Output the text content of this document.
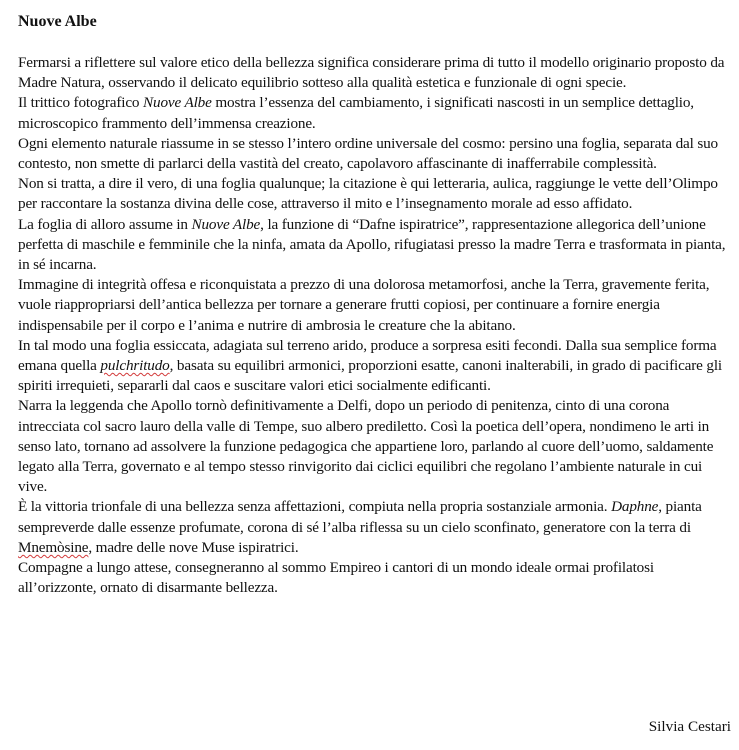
Nuove Albe

Fermarsi a riflettere sul valore etico della bellezza significa considerare prima di tutto il modello originario proposto da Madre Natura, osservando il delicato equilibrio sotteso alla qualità estetica e funzionale di ogni specie.

Il trittico fotografico Nuove Albe mostra l’essenza del cambiamento, i significati nascosti in un semplice dettaglio, microscopico frammento dell’immensa creazione.

Ogni elemento naturale riassume in se stesso l’intero ordine universale del cosmo: persino una foglia, separata dal suo contesto, non smette di parlarci della vastità del creato, capolavoro affascinante di inafferrabile complessità.

Non si tratta, a dire il vero, di una foglia qualunque; la citazione è qui letteraria, aulica, raggiunge le vette dell’Olimpo per raccontare la sostanza divina delle cose, attraverso il mito e l’insegnamento morale ad esso affidato.

La foglia di alloro assume in Nuove Albe, la funzione di “Dafne ispiratrice”, rappresentazione allegorica dell’unione perfetta di maschile e femminile che la ninfa, amata da Apollo, rifugiatasi presso la madre Terra e trasformata in pianta, in sé incarna.

Immagine di integrità offesa e riconquistata a prezzo di una dolorosa metamorfosi, anche la Terra, gravemente ferita, vuole riappropriarsi dell’antica bellezza per tornare a generare frutti copiosi, per continuare a fornire energia indispensabile per il corpo e l’anima e nutrire di ambrosia le creature che la abitano.

In tal modo una foglia essiccata, adagiata sul terreno arido, produce a sorpresa esiti fecondi. Dalla sua semplice forma emana quella pulchritudo, basata su equilibri armonici, proporzioni esatte, canoni inalterabili, in grado di pacificare gli spiriti irrequieti, separarli dal caos e suscitare valori etici socialmente edificanti.

Narra la leggenda che Apollo tornò definitivamente a Delfi, dopo un periodo di penitenza, cinto di una corona intrecciata col sacro lauro della valle di Tempe, suo albero prediletto. Così la poetica dell’opera, nondimeno le arti in senso lato, tornano ad assolvere la funzione pedagogica che appartiene loro, parlando al cuore dell’uomo, saldamente legato alla Terra, governato e al tempo stesso rinvigorito dai ciclici equilibri che regolano l’ambiente naturale in cui vive.

È la vittoria trionfale di una bellezza senza affettazioni, compiuta nella propria sostanziale armonia. Daphne, pianta sempreverde dalle essenze profumate, corona di sé l’alba riflessa su un cielo sconfinato, generatore con la terra di Mnemòsine, madre delle nove Muse ispiratrici.

Compagne a lungo attese, consegneranno al sommo Empireo i cantori di un mondo ideale ormai profilatosi all’orizzonte, ornato di disarmante bellezza.

Silvia Cestari
